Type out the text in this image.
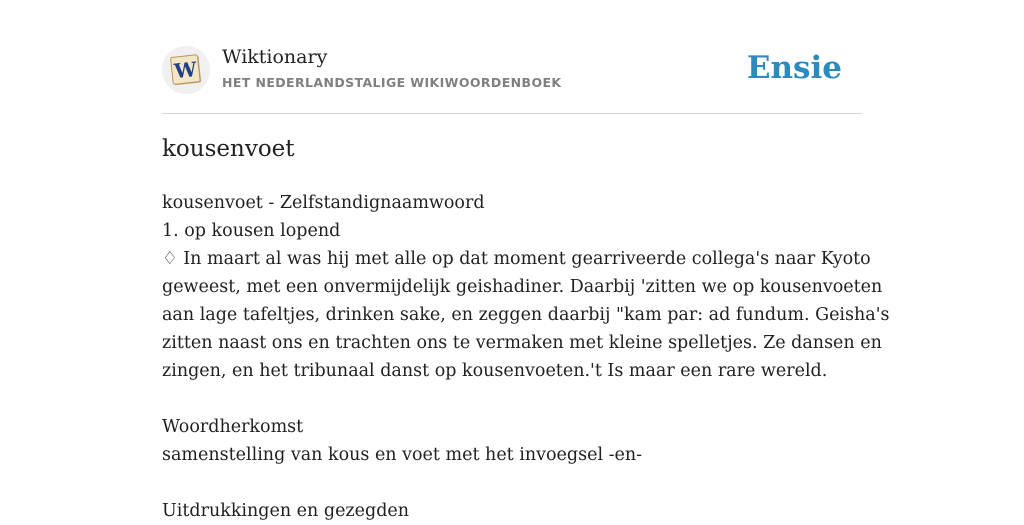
W Wiktionary
HET NEDERLANDSTALIGE WIKIWOORDENBOEK	Ensie
kousenvoet
kousenvoet - Zelfstandignaamwoord
1. op kousen lopend
♢ In maart al was hij met alle op dat moment gearriveerde collega's naar Kyoto
geweest, met een onvermijdelijk geishadiner. Daarbij 'zitten we op kousenvoeten
aan lage tafeltjes, drinken sake, en zeggen daarbij "kam par: ad fundum. Geisha's
zitten naast ons en trachten ons te vermaken met kleine spelletjes. Ze dansen en
zingen, en het tribunaal danst op kousenvoeten.'t Is maar een rare wereld.
Woordherkomst
samenstelling van kous en voet met het invoegsel -en-
Uitdrukkingen en gezegden
